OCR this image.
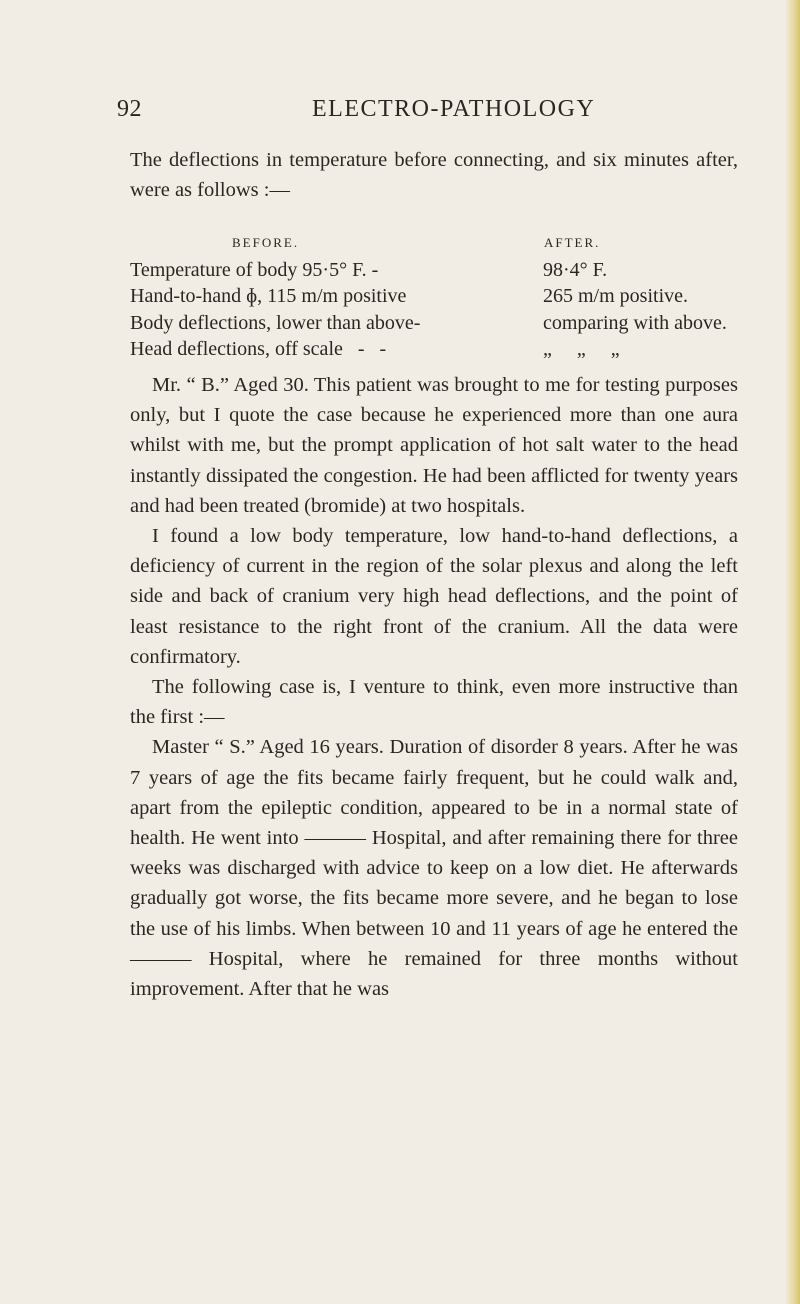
92	ELECTRO-PATHOLOGY

The deflections in temperature before connecting, and six minutes after, were as follows :—

BEFORE.	AFTER.
Temperature of body 95·5° F. -	98·4° F.
Hand-to-hand ɸ, 115 m/m positive	265 m/m positive.
Body deflections, lower than above-	comparing with above.
Head deflections, off scale   -   -	„     „     „

Mr. “ B.” Aged 30. This patient was brought to me for testing purposes only, but I quote the case because he experienced more than one aura whilst with me, but the prompt application of hot salt water to the head instantly dissipated the congestion. He had been afflicted for twenty years and had been treated (bromide) at two hospitals.

I found a low body temperature, low hand-to-hand deflections, a deficiency of current in the region of the solar plexus and along the left side and back of cranium very high head deflections, and the point of least resistance to the right front of the cranium. All the data were confirmatory.

The following case is, I venture to think, even more instructive than the first :—

Master “ S.” Aged 16 years. Duration of disorder 8 years. After he was 7 years of age the fits became fairly frequent, but he could walk and, apart from the epileptic condition, appeared to be in a normal state of health. He went into ——— Hospital, and after remaining there for three weeks was discharged with advice to keep on a low diet. He afterwards gradually got worse, the fits became more severe, and he began to lose the use of his limbs. When between 10 and 11 years of age he entered the ——— Hospital, where he remained for three months without improvement. After that he was
